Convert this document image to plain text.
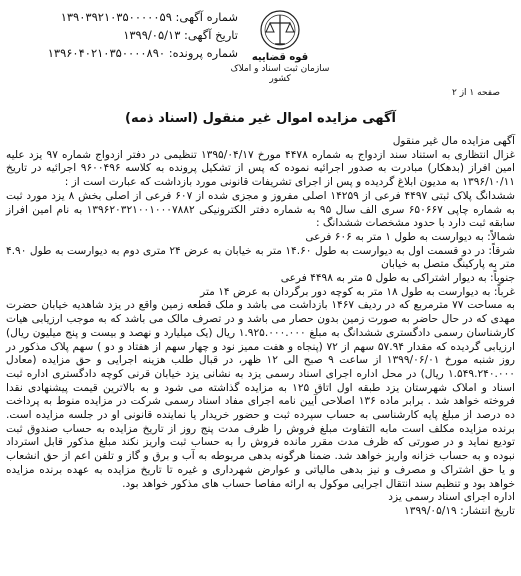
شماره آگهی: ۱۳۹۰۳۹۲۱۰۳۵۰۰۰۰۰۵۹
تاریخ آگهی: ۱۳۹۹/۰۵/۱۳
شماره پرونده: ۱۳۹۶۰۴۰۲۱۰۳۵۰۰۰۰۸۹۰	قوه قضاییه
سازمان ثبت اسناد و املاک کشور
صفحه ۱ از ۲
آگهی مزایده اموال غیر منقول (اسناد ذمه)

آگهی مزایده مال غیر منقول

غزال انتظاری به استناد سند ازدواج به شماره ۴۴۷۸ مورخ ۱۳۹۵/۰۴/۱۷ تنظیمی در دفتر ازدواج شماره ۹۷ یزد علیه امین افراز (بدهکار) مبادرت به صدور اجرائیه نموده که پس از تشکیل پرونده به کلاسه ۹۶۰۰۴۹۶ اجرائیه در تاریخ ۱۳۹۶/۱۰/۱۱ به مدیون ابلاغ گردیده و پس از اجرای تشریفات قانونی مورد بازداشت که عبارت است از :

ششدانگ پلاک ثبتی ۴۴۹۷ فرعی از ۱۴۲۵۹ اصلی مفروز و مجزی شده از ۶۰۷ فرعی از اصلی بخش ۸ یزد مورد ثبت به شماره چاپی ۶۵۰۶۶۷ سری الف سال ۹۵ به شماره دفتر الکترونیکی ۱۳۹۶۲۰۳۲۱۰۰۱۰۰۰۷۸۸۲ به نام امین افراز سابقه ثبت دارد با حدود مشخصات ششدانگ :

شمالاً: به دیوارست به طول ۱ متر به ۶۰۶ فرعی

شرقاً: در دو قسمت اول به دیوارست به طول ۱۴.۶۰ متر به خیابان به عرض ۲۴ متری دوم به دیوارست به طول ۴.۹۰ متر به پارکینگ متصل به خیابان

جنوباً: به دیوار اشتراکی به طول ۵ متر به ۴۴۹۸ فرعی

غرباً: به دیوارست به طول ۱۸ متر به کوچه دور برگردان به عرض ۱۴ متر

به مساحت ۷۷ مترمربع که در ردیف ۱۴۶۷ بازداشت می باشد و ملک قطعه زمین واقع در یزد شاهدیه خیابان حضرت مهدی که در حال حاضر به صورت زمین بدون حصار می باشد و در تصرف مالک می باشد که به موجب ارزیابی هیات کارشناسان رسمی دادگستری ششدانگ به مبلغ ۱.۹۲۵.۰۰۰.۰۰۰ ریال (یک میلیارد و نهصد و بیست و پنج میلیون ریال) ارزیابی گردیده که مقدار ۵۷.۹۴ سهم از ۷۲ (پنجاه و هفت ممیز نود و چهار سهم از هفتاد و دو ) سهم پلاک مذکور در روز شنبه مورخ ۱۳۹۹/۰۶/۰۱ از ساعت ۹ صبح الی ۱۲ ظهر، در قبال طلب هزینه اجرایی و حق مزایده (معادل ۱.۵۴۹.۲۴۰.۰۰۰ ریال) در محل اداره اجرای اسناد رسمی یزد به نشانی یزد خیابان قرنی کوچه دادگستری اداره ثبت اسناد و املاک شهرستان یزد طبقه اول اتاق ۱۲۵ به مزایده گذاشته می شود و به بالاترین قیمت پیشنهادی نقدا فروخته خواهد شد . برابر ماده ۱۳۶ اصلاحی آیین نامه اجرای مفاد اسناد رسمی شرکت در مزایده منوط به پرداخت ده درصد از مبلغ پایه کارشناسی به حساب سپرده ثبت و حضور خریدار یا نماینده قانونی او در جلسه مزایده است. برنده مزایده مکلف است مابه التفاوت مبلغ فروش را ظرف مدت پنج روز از تاریخ مزایده به حساب صندوق ثبت تودیع نماید و در صورتی که ظرف مدت مقرر مانده فروش را به حساب ثبت واریز نکند مبلغ مذکور قابل استرداد نبوده و به حساب خزانه واریز خواهد شد. ضمنا هرگونه بدهی مربوطه به آب و برق و گاز و تلفن اعم از حق انشعاب و یا حق اشتراک و مصرف و نیز بدهی مالیاتی و عوارض شهرداری و غیره تا تاریخ مزایده به عهده برنده مزایده خواهد بود و تنظیم سند انتقال اجرایی موکول به ارائه مفاصا حساب های مذکور خواهد بود.

اداره اجرای اسناد رسمی یزد

تاریخ انتشار: ۱۳۹۹/۰۵/۱۹
